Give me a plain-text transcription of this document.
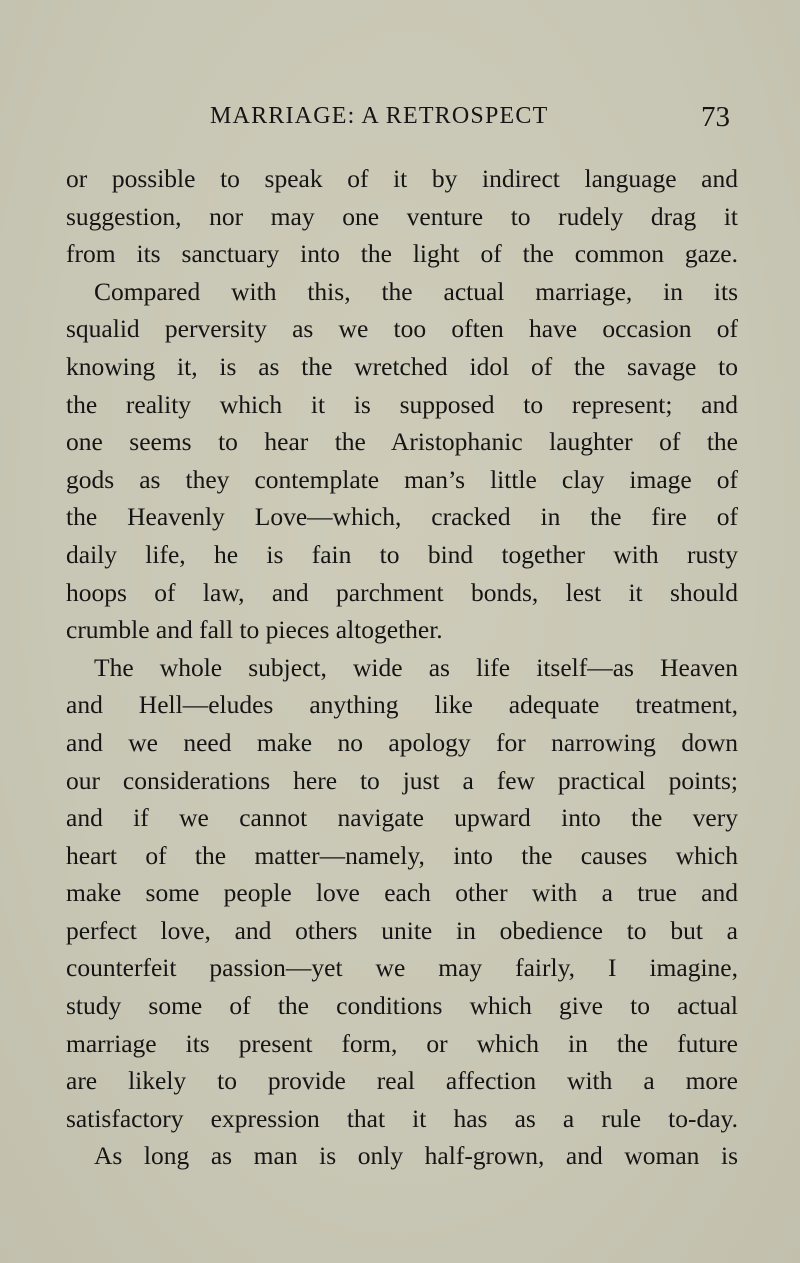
MARRIAGE: A RETROSPECT	73
or possible to speak of it by indirect language and
suggestion, nor may one venture to rudely drag it
from its sanctuary into the light of the common gaze.
Compared with this, the actual marriage, in its
squalid perversity as we too often have occasion of
knowing it, is as the wretched idol of the savage to
the reality which it is supposed to represent; and
one seems to hear the Aristophanic laughter of the
gods as they contemplate man’s little clay image of
the Heavenly Love—which, cracked in the fire of
daily life, he is fain to bind together with rusty
hoops of law, and parchment bonds, lest it should
crumble and fall to pieces altogether.
The whole subject, wide as life itself—as Heaven
and Hell—eludes anything like adequate treatment,
and we need make no apology for narrowing down
our considerations here to just a few practical points;
and if we cannot navigate upward into the very
heart of the matter—namely, into the causes which
make some people love each other with a true and
perfect love, and others unite in obedience to but a
counterfeit passion—yet we may fairly, I imagine,
study some of the conditions which give to actual
marriage its present form, or which in the future
are likely to provide real affection with a more
satisfactory expression that it has as a rule to-day.
As long as man is only half-grown, and woman is
